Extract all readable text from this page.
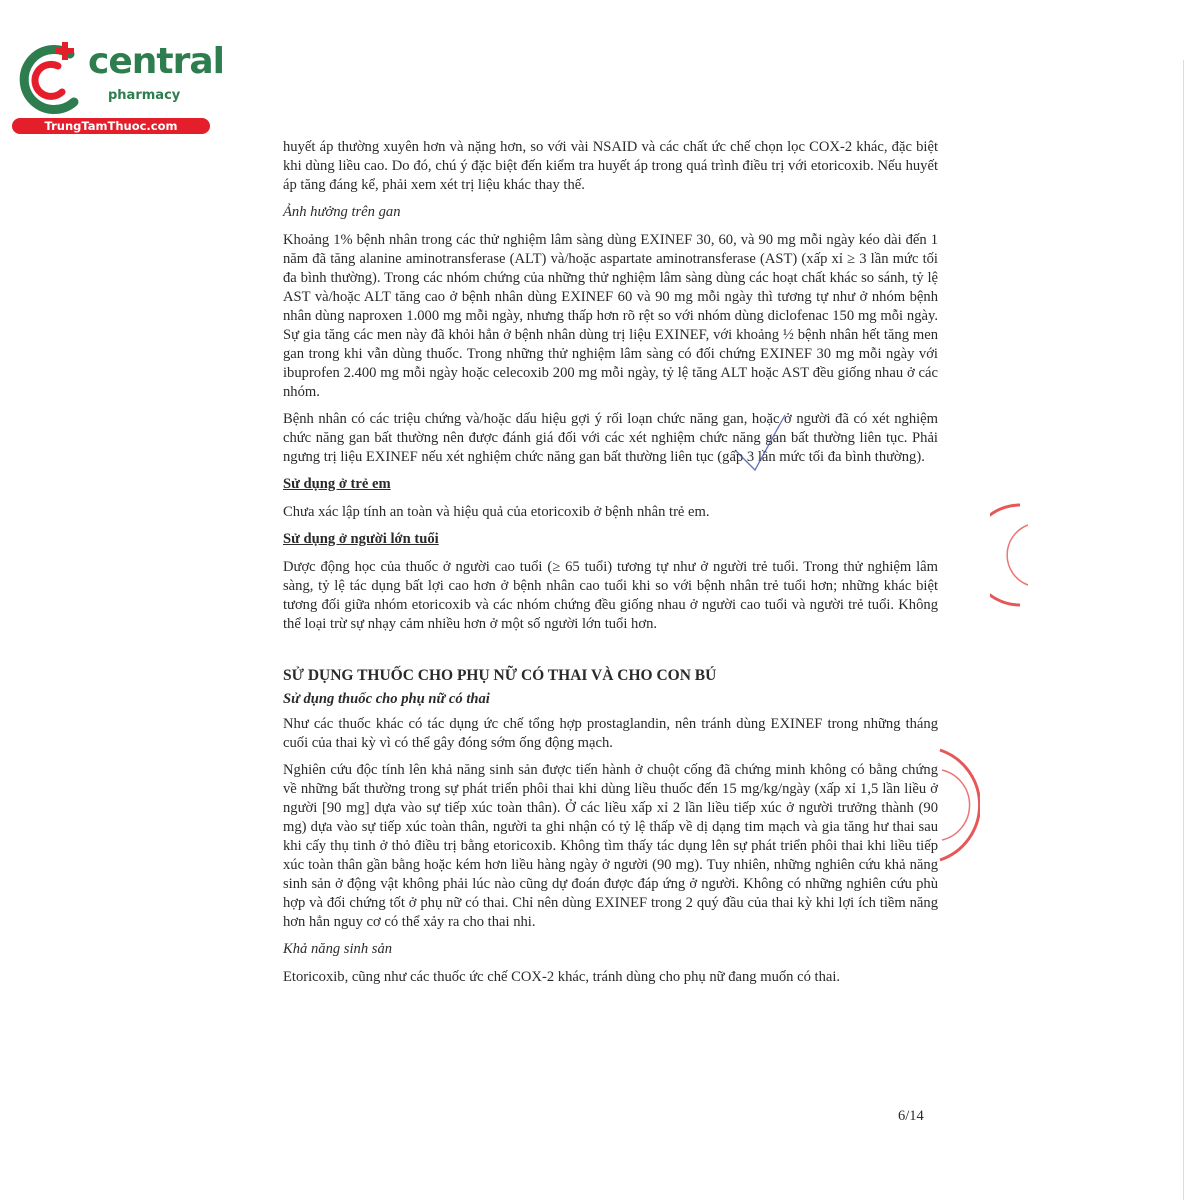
central
pharmacy
TrungTamThuoc.com

huyết áp thường xuyên hơn và nặng hơn, so với vài NSAID và các chất ức chế chọn lọc COX-2 khác, đặc biệt khi dùng liều cao. Do đó, chú ý đặc biệt đến kiểm tra huyết áp trong quá trình điều trị với etoricoxib. Nếu huyết áp tăng đáng kể, phải xem xét trị liệu khác thay thế.

Ảnh hưởng trên gan

Khoảng 1% bệnh nhân trong các thử nghiệm lâm sàng dùng EXINEF 30, 60, và 90 mg mỗi ngày kéo dài đến 1 năm đã tăng alanine aminotransferase (ALT) và/hoặc aspartate aminotransferase (AST) (xấp xỉ ≥ 3 lần mức tối đa bình thường). Trong các nhóm chứng của những thử nghiệm lâm sàng dùng các hoạt chất khác so sánh, tỷ lệ AST và/hoặc ALT tăng cao ở bệnh nhân dùng EXINEF 60 và 90 mg mỗi ngày thì tương tự như ở nhóm bệnh nhân dùng naproxen 1.000 mg mỗi ngày, nhưng thấp hơn rõ rệt so với nhóm dùng diclofenac 150 mg mỗi ngày. Sự gia tăng các men này đã khỏi hẳn ở bệnh nhân dùng trị liệu EXINEF, với khoảng ½ bệnh nhân hết tăng men gan trong khi vẫn dùng thuốc. Trong những thử nghiệm lâm sàng có đối chứng EXINEF 30 mg mỗi ngày với ibuprofen 2.400 mg mỗi ngày hoặc celecoxib 200 mg mỗi ngày, tỷ lệ tăng ALT hoặc AST đều giống nhau ở các nhóm.

Bệnh nhân có các triệu chứng và/hoặc dấu hiệu gợi ý rối loạn chức năng gan, hoặc ở người đã có xét nghiệm chức năng gan bất thường nên được đánh giá đối với các xét nghiệm chức năng gan bất thường liên tục. Phải ngưng trị liệu EXINEF nếu xét nghiệm chức năng gan bất thường liên tục (gấp 3 lần mức tối đa bình thường).

Sử dụng ở trẻ em

Chưa xác lập tính an toàn và hiệu quả của etoricoxib ở bệnh nhân trẻ em.

Sử dụng ở người lớn tuổi

Dược động học của thuốc ở người cao tuổi (≥ 65 tuổi) tương tự như ở người trẻ tuổi. Trong thử nghiệm lâm sàng, tỷ lệ tác dụng bất lợi cao hơn ở bệnh nhân cao tuổi khi so với bệnh nhân trẻ tuổi hơn; những khác biệt tương đối giữa nhóm etoricoxib và các nhóm chứng đều giống nhau ở người cao tuổi và người trẻ tuổi. Không thể loại trừ sự nhạy cảm nhiều hơn ở một số người lớn tuổi hơn.

SỬ DỤNG THUỐC CHO PHỤ NỮ CÓ THAI VÀ CHO CON BÚ
Sử dụng thuốc cho phụ nữ có thai

Như các thuốc khác có tác dụng ức chế tổng hợp prostaglandin, nên tránh dùng EXINEF trong những tháng cuối của thai kỳ vì có thể gây đóng sớm ống động mạch.

Nghiên cứu độc tính lên khả năng sinh sản được tiến hành ở chuột cống đã chứng minh không có bằng chứng về những bất thường trong sự phát triển phôi thai khi dùng liều thuốc đến 15 mg/kg/ngày (xấp xỉ 1,5 lần liều ở người [90 mg] dựa vào sự tiếp xúc toàn thân). Ở các liều xấp xỉ 2 lần liều tiếp xúc ở người trưởng thành (90 mg) dựa vào sự tiếp xúc toàn thân, người ta ghi nhận có tỷ lệ thấp về dị dạng tim mạch và gia tăng hư thai sau khi cấy thụ tinh ở thỏ điều trị bằng etoricoxib. Không tìm thấy tác dụng lên sự phát triển phôi thai khi liều tiếp xúc toàn thân gần bằng hoặc kém hơn liều hàng ngày ở người (90 mg). Tuy nhiên, những nghiên cứu khả năng sinh sản ở động vật không phải lúc nào cũng dự đoán được đáp ứng ở người. Không có những nghiên cứu phù hợp và đối chứng tốt ở phụ nữ có thai. Chỉ nên dùng EXINEF trong 2 quý đầu của thai kỳ khi lợi ích tiềm năng hơn hẳn nguy cơ có thể xảy ra cho thai nhi.

Khả năng sinh sản

Etoricoxib, cũng như các thuốc ức chế COX-2 khác, tránh dùng cho phụ nữ đang muốn có thai.

6/14
